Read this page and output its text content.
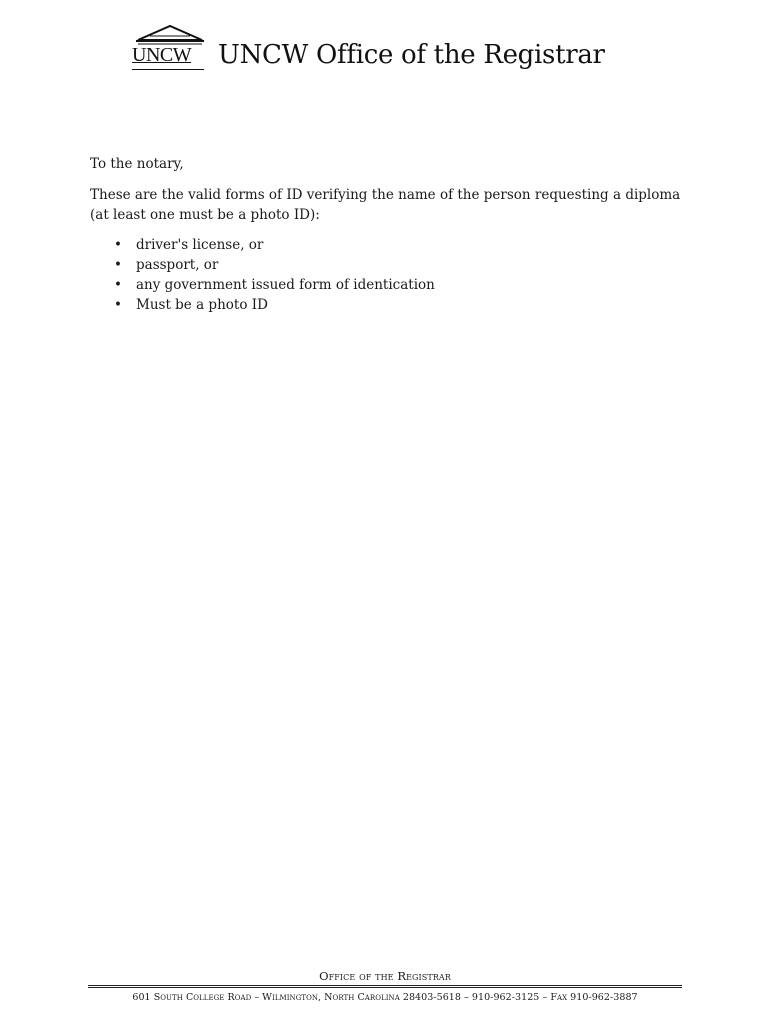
UNCW	UNCW Office of the Registrar

To the notary,

These are the valid forms of ID verifying the name of the person requesting a diploma (at least one must be a photo ID):

• driver's license, or
• passport, or
• any government issued form of identication
• Must be a photo ID
Office of the Registrar
601 South College Road – Wilmington, North Carolina 28403-5618 – 910-962-3125 – Fax 910-962-3887
